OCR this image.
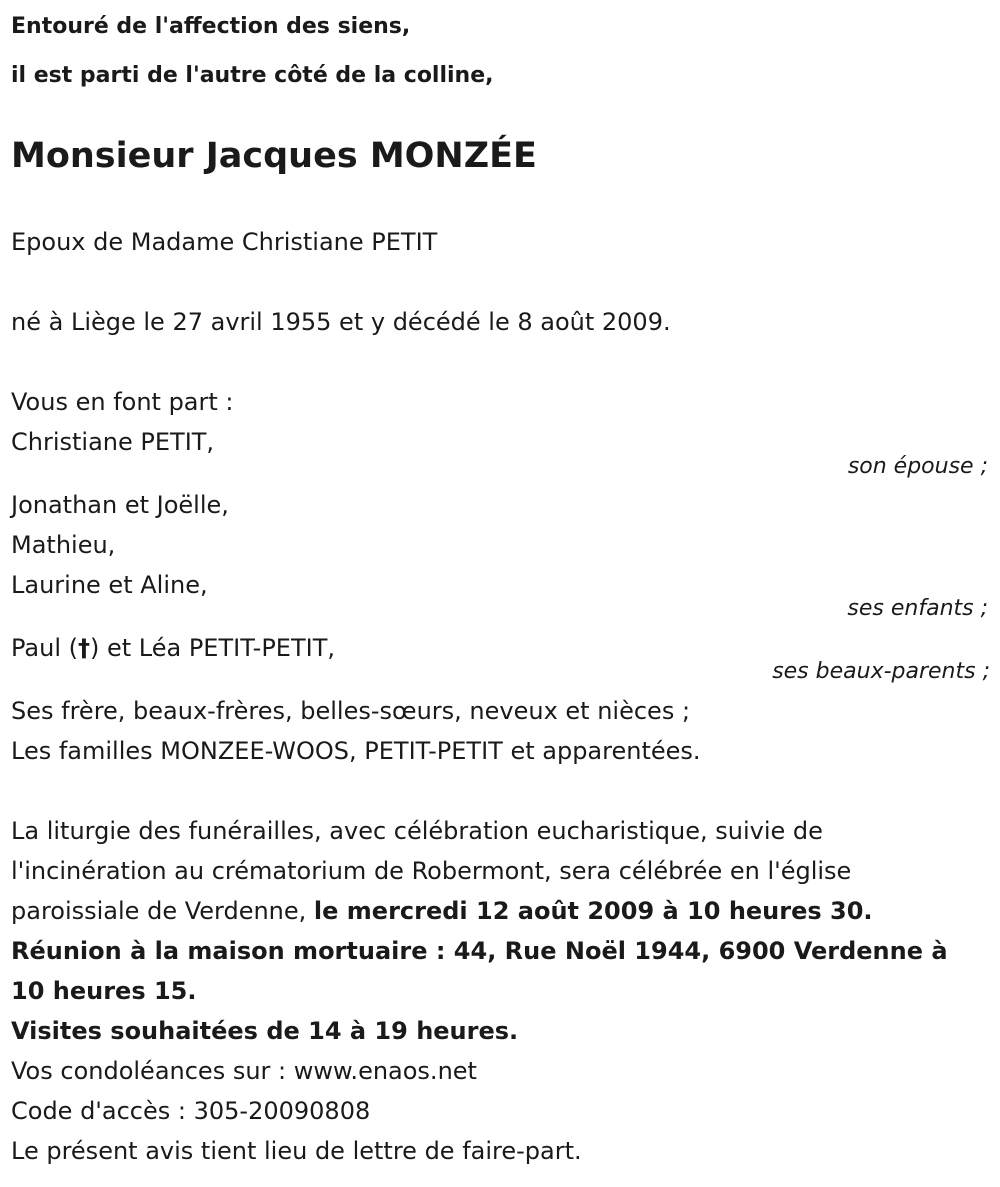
Entouré de l'affection des siens,
il est parti de l'autre côté de la colline,
Monsieur Jacques MONZÉE
Epoux de Madame Christiane PETIT
né à Liège le 27 avril 1955 et y décédé le 8 août 2009.
Vous en font part :
Christiane PETIT,
son épouse ;
Jonathan et Joëlle,
Mathieu,
Laurine et Aline,
ses enfants ;
Paul (†) et Léa PETIT-PETIT,
ses beaux-parents ;
Ses frère, beaux-frères, belles-sœurs, neveux et nièces ;
Les familles MONZEE-WOOS, PETIT-PETIT et apparentées.
La liturgie des funérailles, avec célébration eucharistique, suivie de
l'incinération au crématorium de Robermont, sera célébrée en l'église
paroissiale de Verdenne, le mercredi 12 août 2009 à 10 heures 30.
Réunion à la maison mortuaire : 44, Rue Noël 1944, 6900 Verdenne à
10 heures 15.
Visites souhaitées de 14 à 19 heures.
Vos condoléances sur : www.enaos.net
Code d'accès : 305-20090808
Le présent avis tient lieu de lettre de faire-part.
